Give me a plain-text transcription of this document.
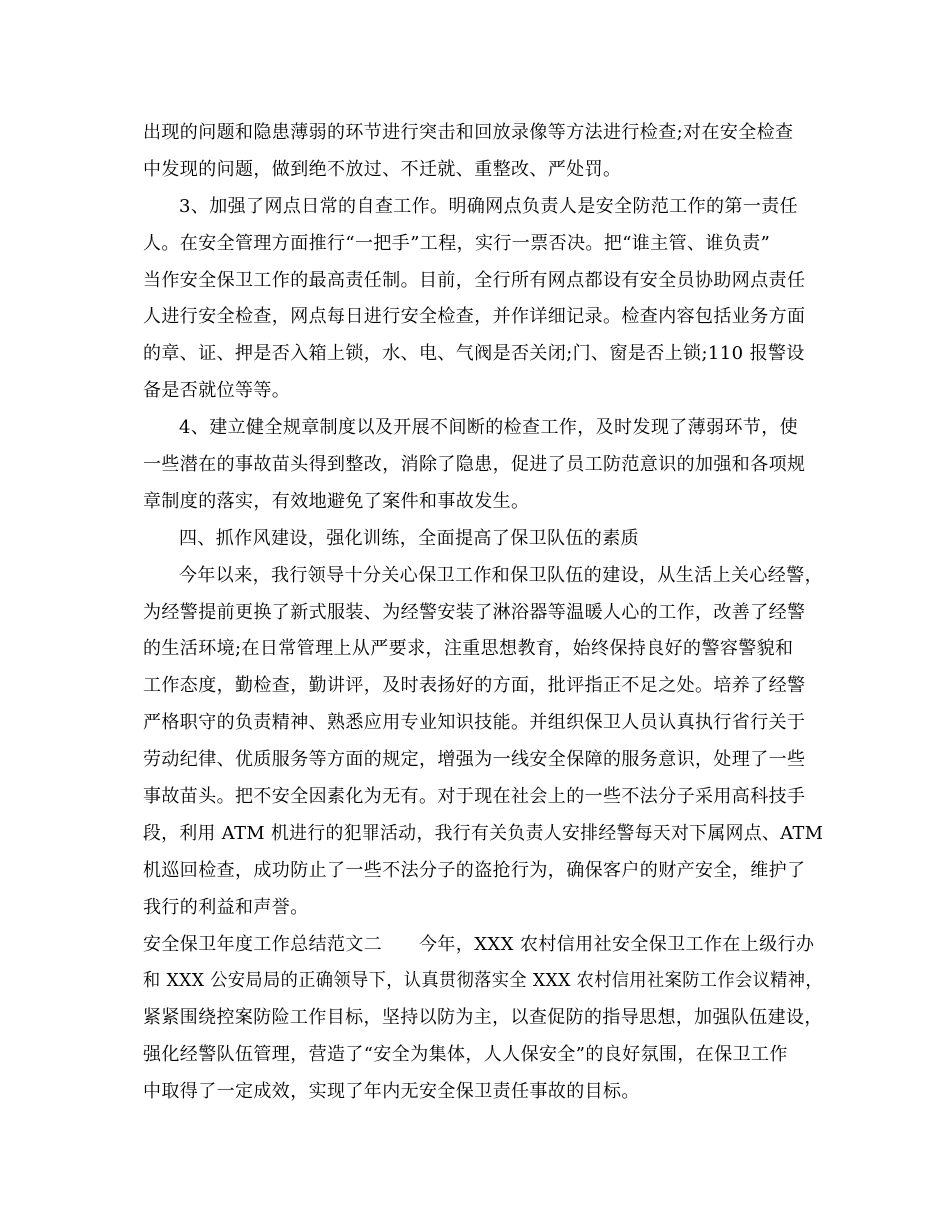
出现的问题和隐患薄弱的环节进行突击和回放录像等方法进行检查;对在安全检查
中发现的问题，做到绝不放过、不迁就、重整改、严处罚。
3、加强了网点日常的自查工作。明确网点负责人是安全防范工作的第一责任
人。在安全管理方面推行“一把手”工程，实行一票否决。把“谁主管、谁负责”
当作安全保卫工作的最高责任制。目前，全行所有网点都设有安全员协助网点责任
人进行安全检查，网点每日进行安全检查，并作详细记录。检查内容包括业务方面
的章、证、押是否入箱上锁，水、电、气阀是否关闭;门、窗是否上锁;110 报警设
备是否就位等等。
4、建立健全规章制度以及开展不间断的检查工作，及时发现了薄弱环节，使
一些潜在的事故苗头得到整改，消除了隐患，促进了员工防范意识的加强和各项规
章制度的落实，有效地避免了案件和事故发生。
四、抓作风建设，强化训练，全面提高了保卫队伍的素质
今年以来，我行领导十分关心保卫工作和保卫队伍的建设，从生活上关心经警，
为经警提前更换了新式服装、为经警安装了淋浴器等温暖人心的工作，改善了经警
的生活环境;在日常管理上从严要求，注重思想教育，始终保持良好的警容警貌和
工作态度，勤检查，勤讲评，及时表扬好的方面，批评指正不足之处。培养了经警
严格职守的负责精神、熟悉应用专业知识技能。并组织保卫人员认真执行省行关于
劳动纪律、优质服务等方面的规定，增强为一线安全保障的服务意识，处理了一些
事故苗头。把不安全因素化为无有。对于现在社会上的一些不法分子采用高科技手
段，利用 ATM 机进行的犯罪活动，我行有关负责人安排经警每天对下属网点、ATM
机巡回检查，成功防止了一些不法分子的盗抢行为，确保客户的财产安全，维护了
我行的利益和声誉。
安全保卫年度工作总结范文二　　今年，XXX 农村信用社安全保卫工作在上级行办
和 XXX 公安局局的正确领导下，认真贯彻落实全 XXX 农村信用社案防工作会议精神，
紧紧围绕控案防险工作目标，坚持以防为主，以查促防的指导思想，加强队伍建设，
强化经警队伍管理，营造了“安全为集体，人人保安全”的良好氛围，在保卫工作
中取得了一定成效，实现了年内无安全保卫责任事故的目标。
